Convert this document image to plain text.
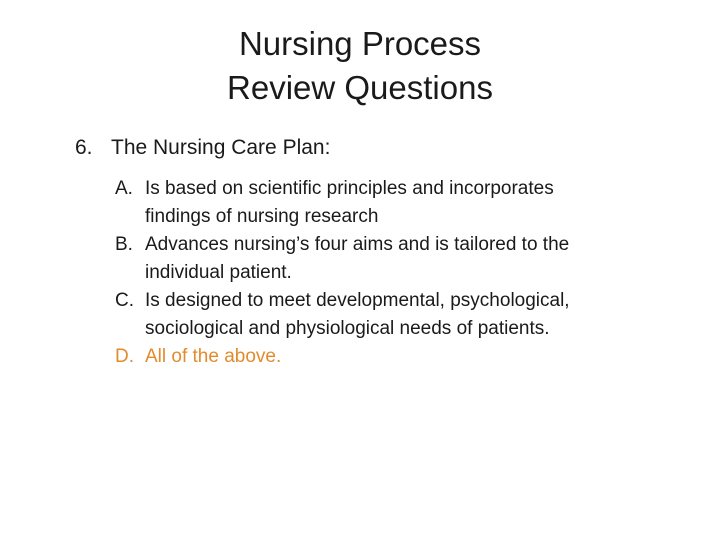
Nursing Process
Review Questions

6. The Nursing Care Plan:

A. Is based on scientific principles and incorporates
findings of nursing research
B. Advances nursing’s four aims and is tailored to the
individual patient.
C. Is designed to meet developmental, psychological,
sociological and physiological needs of patients.
D. All of the above.
